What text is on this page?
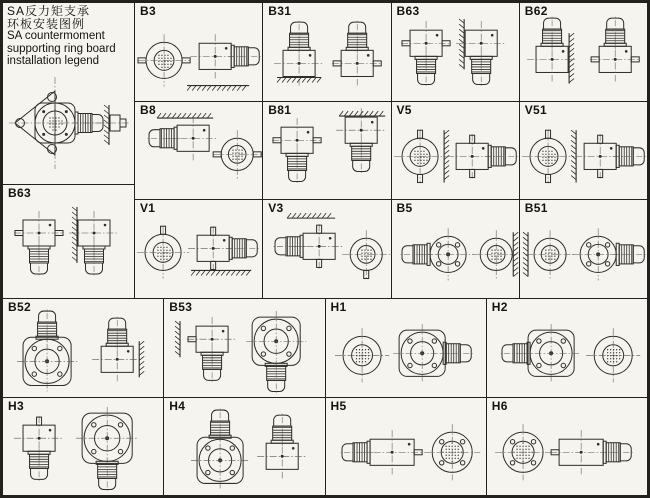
SA反力矩支承
环板安装图例
SA countermoment
supporting ring board
installation legend
B63
B3	B31	B63	B62
B8	B81	V5	V51
V1	V3	B5	B51
B52	B53	H1	H2
H3	H4	H5	H6
